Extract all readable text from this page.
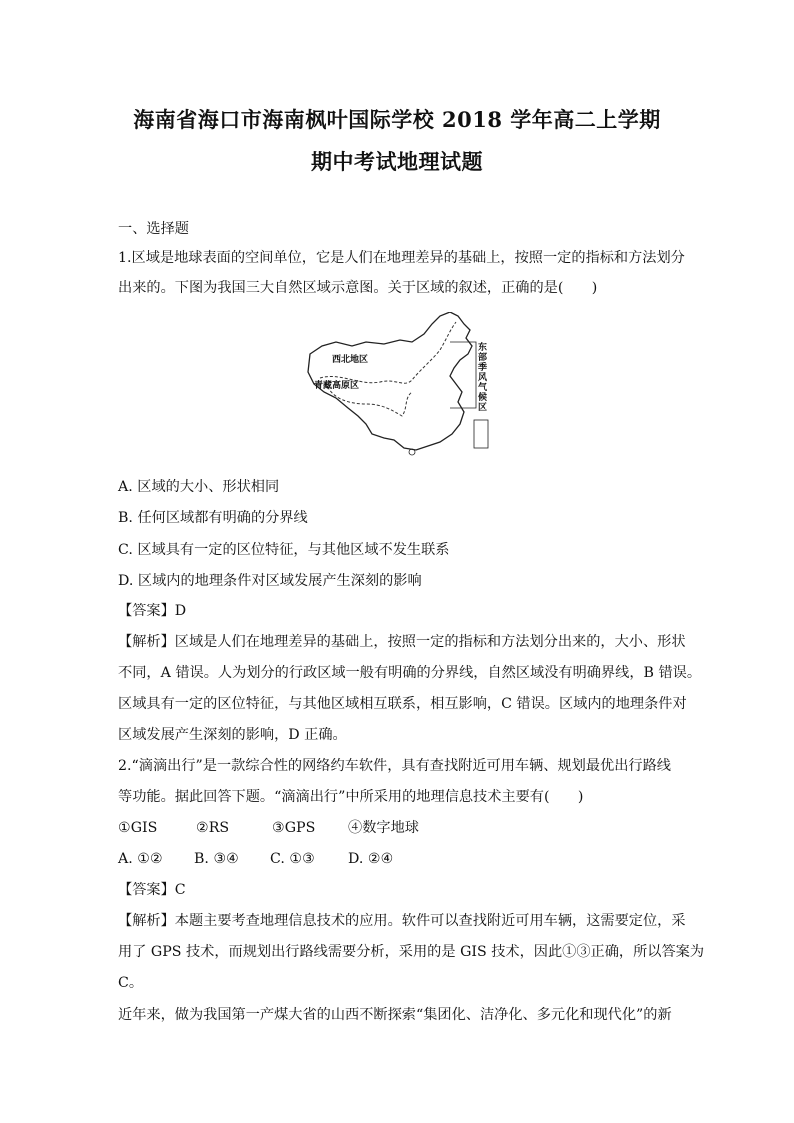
海南省海口市海南枫叶国际学校 2018 学年高二上学期
期中考试地理试题
一、选择题
1.区域是地球表面的空间单位，它是人们在地理差异的基础上，按照一定的指标和方法划分
出来的。下图为我国三大自然区域示意图。关于区域的叙述，正确的是(　　)
西北地区
青藏高原区
东
部
季
风
气
候
区
东部季风气候区
A. 区域的大小、形状相同
B. 任何区域都有明确的分界线
C. 区域具有一定的区位特征，与其他区域不发生联系
D. 区域内的地理条件对区域发展产生深刻的影响
【答案】D
【解析】区域是人们在地理差异的基础上，按照一定的指标和方法划分出来的，大小、形状
不同，A 错误。人为划分的行政区域一般有明确的分界线，自然区域没有明确界线，B 错误。
区域具有一定的区位特征，与其他区域相互联系，相互影响，C 错误。区域内的地理条件对
区域发展产生深刻的影响，D 正确。
2.“滴滴出行”是一款综合性的网络约车软件，具有查找附近可用车辆、规划最优出行路线
等功能。据此回答下题。“滴滴出行”中所采用的地理信息技术主要有(　　)
①GIS	②RS	③GPS ④数字地球
A. ①② B. ③④ C. ①③ D. ②④
【答案】C
【解析】本题主要考查地理信息技术的应用。软件可以查找附近可用车辆，这需要定位，采
用了 GPS 技术，而规划出行路线需要分析，采用的是 GIS 技术，因此①③正确，所以答案为
C。
近年来，做为我国第一产煤大省的山西不断探索“集团化、洁净化、多元化和现代化”的新
